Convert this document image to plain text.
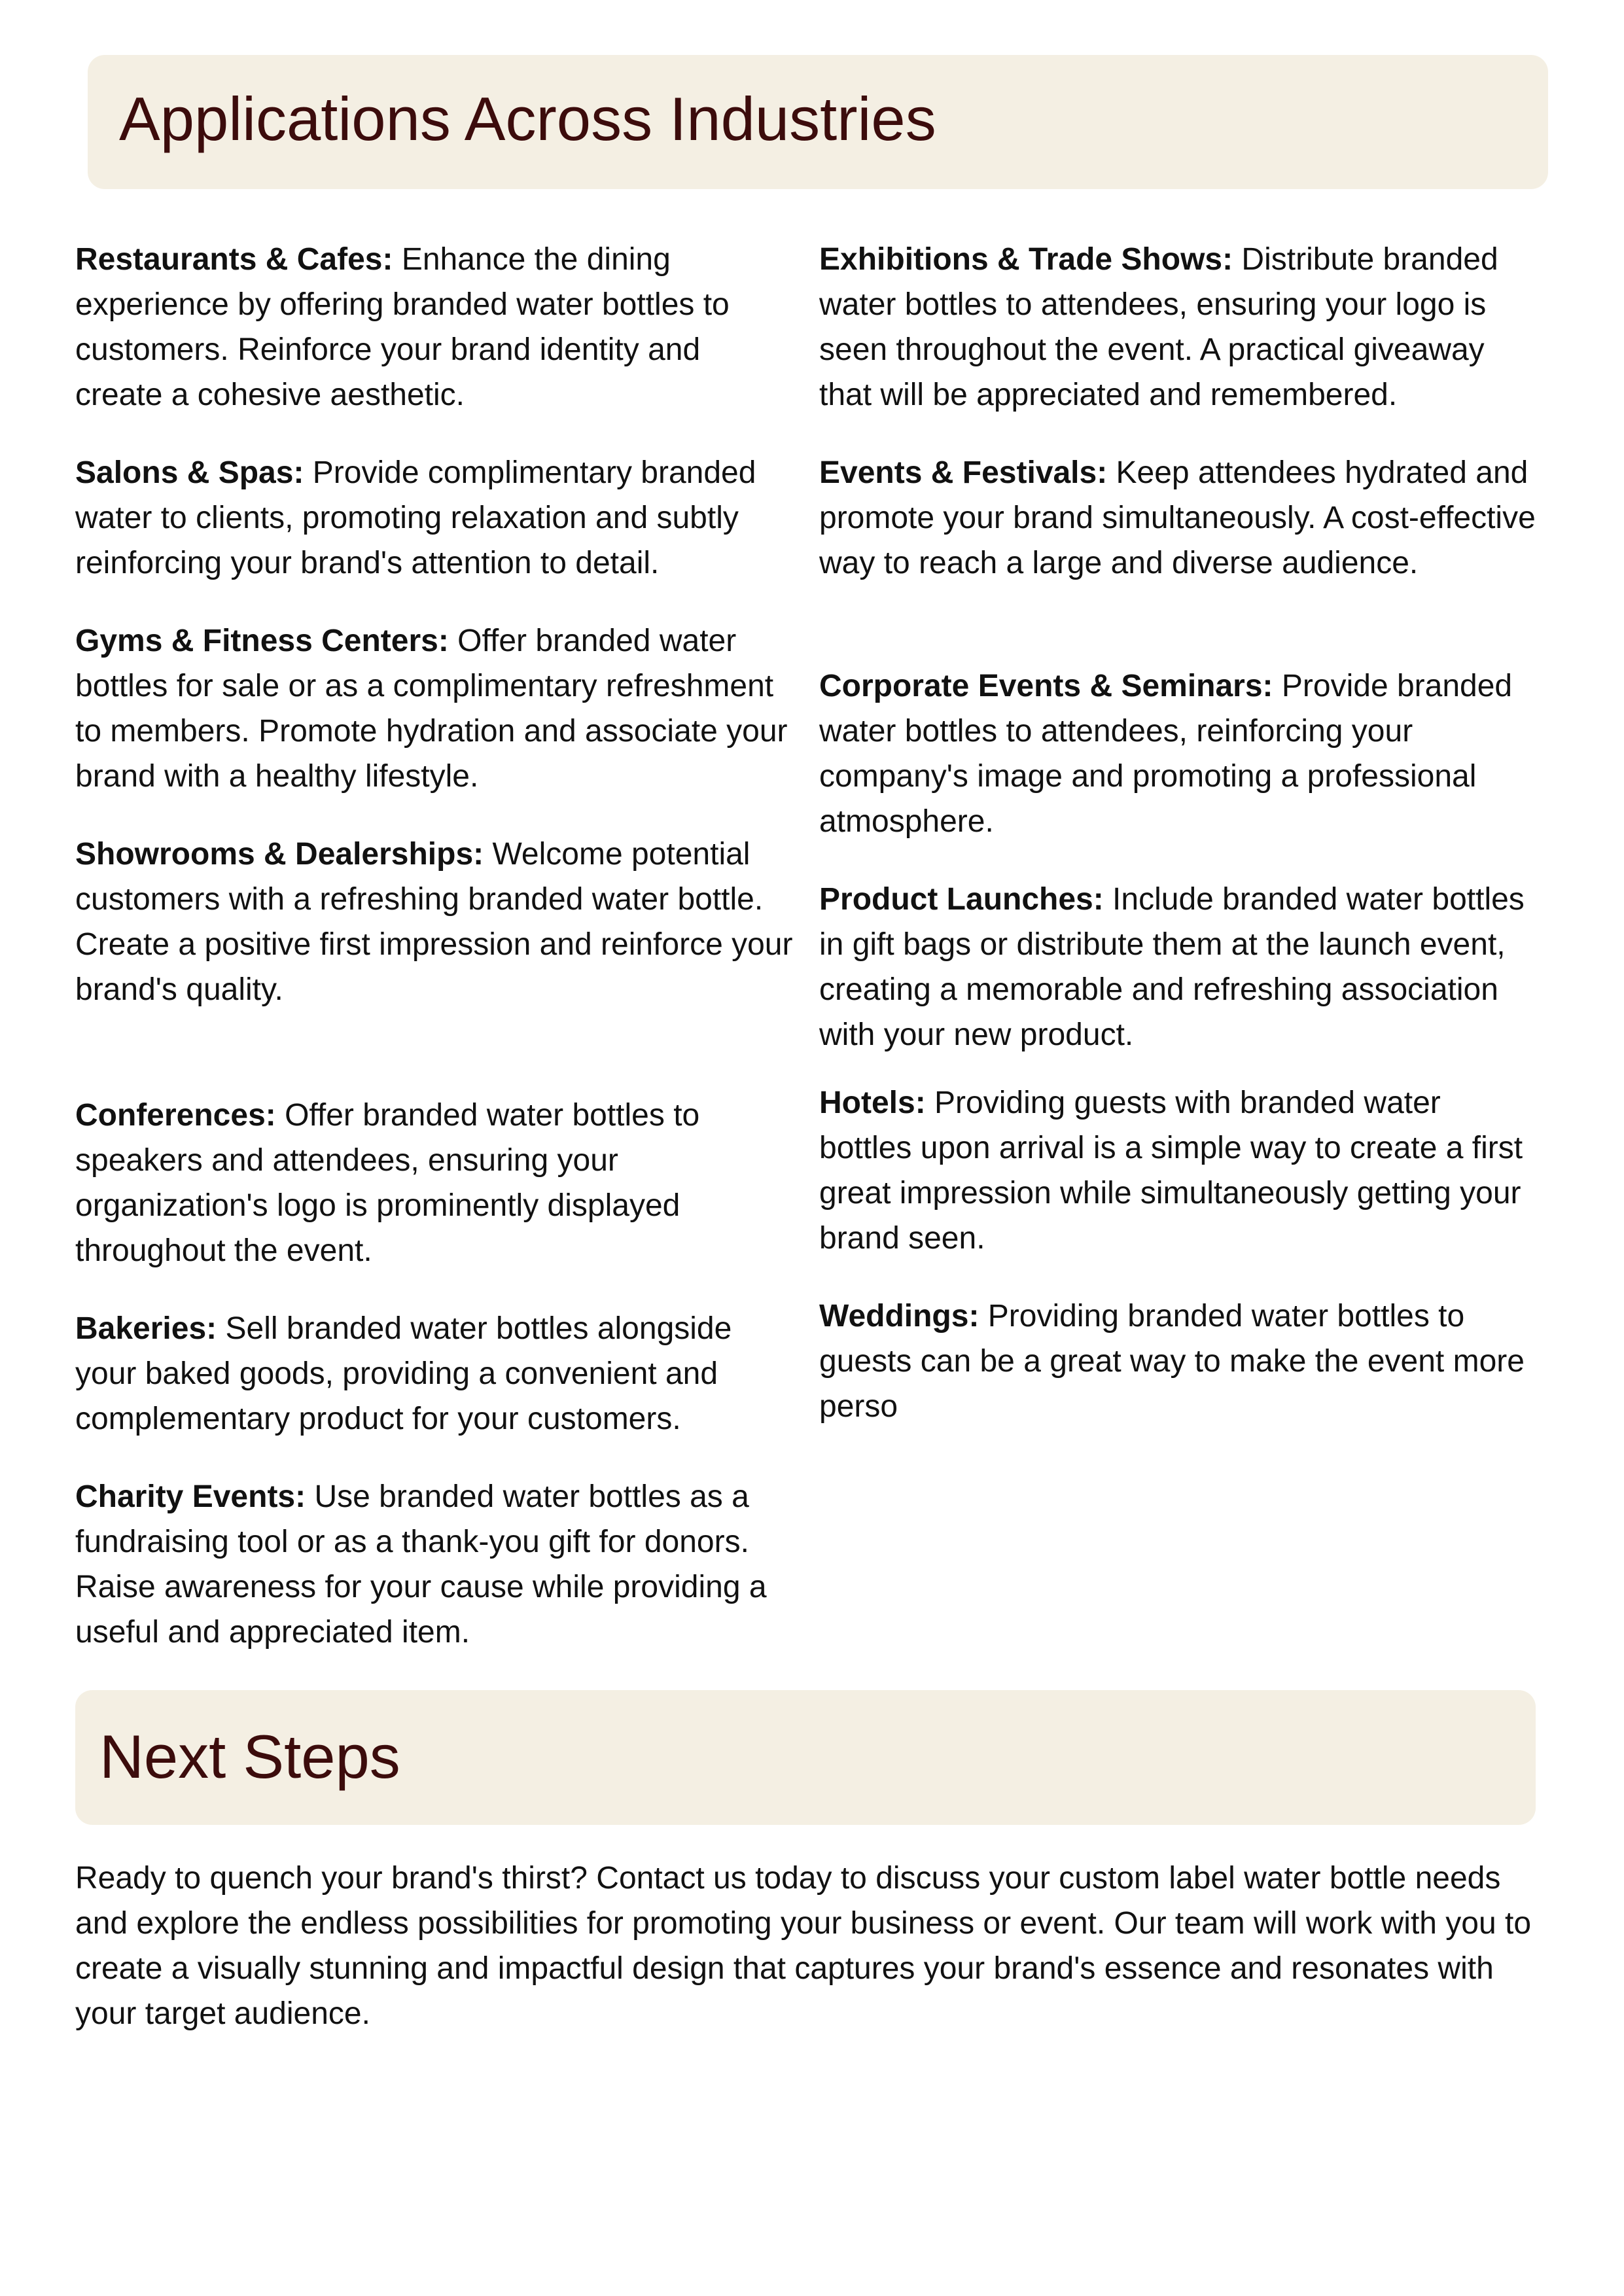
Applications Across Industries

Restaurants & Cafes: Enhance the dining experience by offering branded water bottles to customers. Reinforce your brand identity and create a cohesive aesthetic.

Salons & Spas: Provide complimentary branded water to clients, promoting relaxation and subtly reinforcing your brand's attention to detail.

Gyms & Fitness Centers: Offer branded water bottles for sale or as a complimentary refreshment to members. Promote hydration and associate your brand with a healthy lifestyle.

Showrooms & Dealerships: Welcome potential customers with a refreshing branded water bottle. Create a positive first impression and reinforce your brand's quality.

Conferences: Offer branded water bottles to speakers and attendees, ensuring your organization's logo is prominently displayed throughout the event.

Bakeries: Sell branded water bottles alongside your baked goods, providing a convenient and complementary product for your customers.

Charity Events: Use branded water bottles as a fundraising tool or as a thank-you gift for donors. Raise awareness for your cause while providing a useful and appreciated item.

Exhibitions & Trade Shows: Distribute branded water bottles to attendees, ensuring your logo is seen throughout the event. A practical giveaway that will be appreciated and remembered.

Events & Festivals: Keep attendees hydrated and promote your brand simultaneously. A cost-effective way to reach a large and diverse audience.

Corporate Events & Seminars: Provide branded water bottles to attendees, reinforcing your company's image and promoting a professional atmosphere.

Product Launches: Include branded water bottles in gift bags or distribute them at the launch event, creating a memorable and refreshing association with your new product.

Hotels: Providing guests with branded water bottles upon arrival is a simple way to create a first great impression while simultaneously getting your brand seen.

Weddings: Providing branded water bottles to guests can be a great way to make the event more perso

Next Steps

Ready to quench your brand's thirst? Contact us today to discuss your custom label water bottle needs and explore the endless possibilities for promoting your business or event. Our team will work with you to create a visually stunning and impactful design that captures your brand's essence and resonates with your target audience.
